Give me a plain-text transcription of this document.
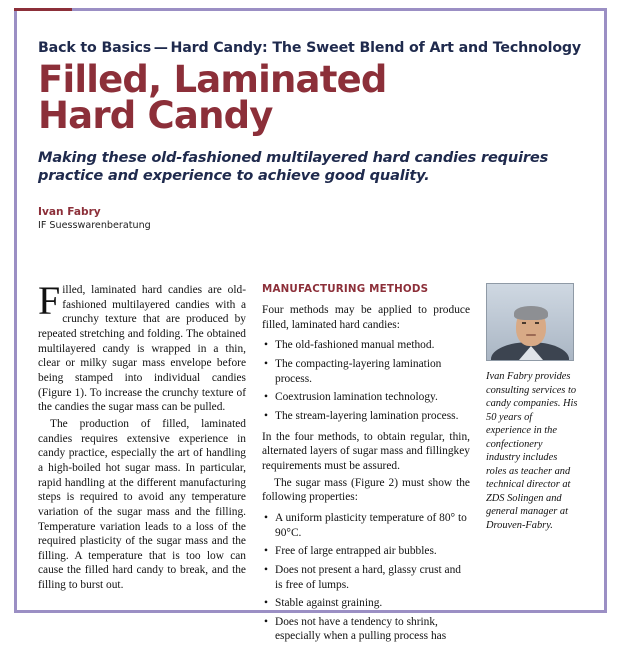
Back to Basics — Hard Candy: The Sweet Blend of Art and Technology
Filled, Laminated Hard Candy
Making these old-fashioned multilayered hard candies requires practice and experience to achieve good quality.
Ivan Fabry
IF Suesswarenberatung

Filled, laminated hard candies are old-fashioned multilayered candies with a crunchy texture that are produced by repeated stretching and folding. The obtained multilayered candy is wrapped in a thin, clear or milky sugar mass envelope before being stamped into individual candies (Figure 1). To increase the crunchy texture of the candies the sugar mass can be pulled.

The production of filled, laminated candies requires extensive experience in candy practice, especially the art of handling a high-boiled hot sugar mass. In particular, rapid handling at the different manufacturing steps is required to avoid any temperature variation of the sugar mass and the filling. Temperature variation leads to a loss of the required plasticity of the sugar mass and the filling. A temperature that is too low can cause the filled hard candy to break, and the filling to burst out.

MANUFACTURING METHODS

Four methods may be applied to produce filled, laminated hard candies:

• The old-fashioned manual method.
• The compacting-layering lamination process.
• Coextrusion lamination technology.
• The stream-layering lamination process.

In the four methods, to obtain regular, thin, alternated layers of sugar mass and fillingkey requirements must be assured.

The sugar mass (Figure 2) must show the following properties:

• A uniform plasticity temperature of 80° to 90°C.
• Free of large entrapped air bubbles.
• Does not present a hard, glassy crust and is free of lumps.
• Stable against graining.
• Does not have a tendency to shrink, especially when a pulling process has

Ivan Fabry provides consulting services to candy companies. His 50 years of experience in the confectionery industry includes roles as teacher and technical director at ZDS Solingen and general manager at Drouven-Fabry.
